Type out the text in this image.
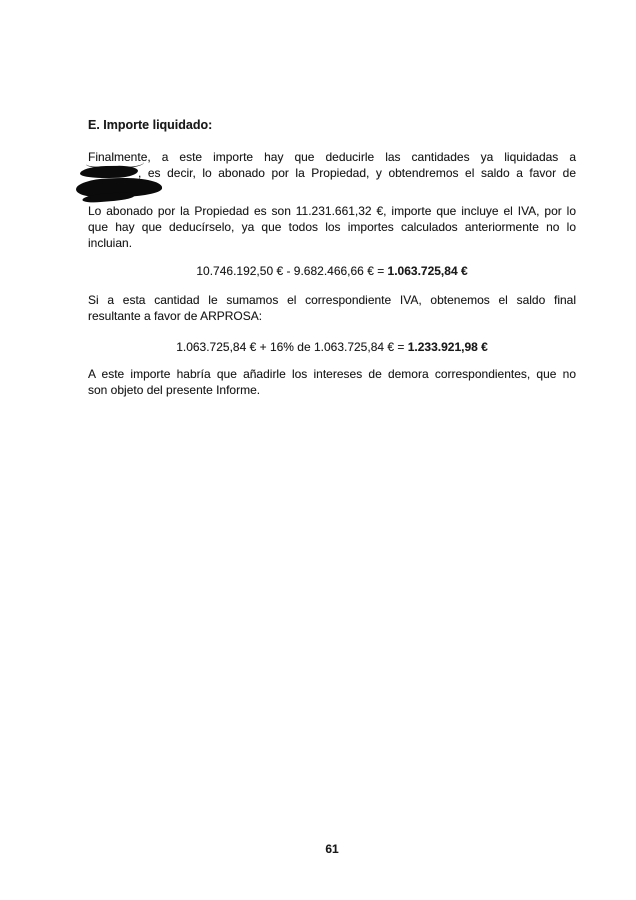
E. Importe liquidado:
Finalmente, a este importe hay que deducirle las cantidades ya liquidadas a
, es decir, lo abonado por la Propiedad, y obtendremos el saldo a favor de
Lo abonado por la Propiedad es son 11.231.661,32 €, importe que incluye el IVA, por lo
que hay que deducírselo, ya que todos los importes calculados anteriormente no lo
incluian.
10.746.192,50 € - 9.682.466,66 € = 1.063.725,84 €
Si a esta cantidad le sumamos el correspondiente IVA, obtenemos el saldo final
resultante a favor de ARPROSA:
1.063.725,84 € + 16% de 1.063.725,84 € = 1.233.921,98 €
A este importe habría que añadirle los intereses de demora correspondientes, que no
son objeto del presente Informe.
61
